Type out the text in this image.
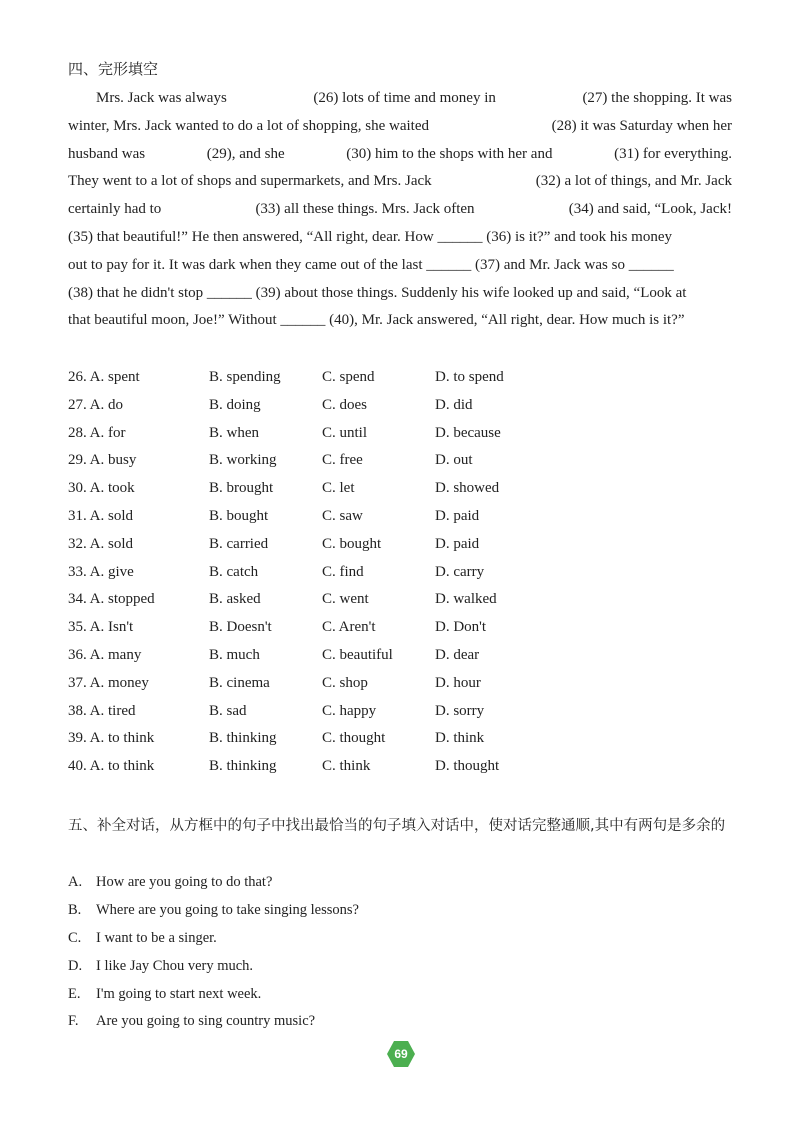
四、完形填空
Mrs. Jack was always	(26) lots of time and money in	(27) the shopping. It was
winter, Mrs. Jack wanted to do a lot of shopping, she waited	(28) it was Saturday when her
husband was	(29), and she	(30) him to the shops with her and	(31) for everything.
They went to a lot of shops and supermarkets, and Mrs. Jack	(32) a lot of things, and Mr. Jack
certainly had to	(33) all these things. Mrs. Jack often	(34) and said, “Look, Jack!
(35) that beautiful!” He then answered, “All right, dear. How ______ (36) is it?” and took his money
out to pay for it. It was dark when they came out of the last ______ (37) and Mr. Jack was so ______
(38) that he didn't stop ______ (39) about those things. Suddenly his wife looked up and said, “Look at
that beautiful moon, Joe!” Without ______ (40), Mr. Jack answered, “All right, dear. How much is it?”
26. A. spent	B. spending	C. spend	D. to spend
27. A. do	B. doing	C. does	D. did
28. A. for	B. when	C. until	D. because
29. A. busy	B. working	C. free	D. out
30. A. took	B. brought	C. let	D. showed
31. A. sold	B. bought	C. saw	D. paid
32. A. sold	B. carried	C. bought	D. paid
33. A. give	B. catch	C. find	D. carry
34. A. stopped	B. asked	C. went	D. walked
35. A. Isn't	B. Doesn't	C. Aren't	D. Don't
36. A. many	B. much	C. beautiful	D. dear
37. A. money	B. cinema	C. shop	D. hour
38. A. tired	B. sad	C. happy	D. sorry
39. A. to think	B. thinking	C. thought	D. think
40. A. to think	B. thinking	C. think	D. thought
五、补全对话，从方框中的句子中找出最恰当的句子填入对话中，使对话完整通顺,其中有两句是多余的
A. How are you going to do that?
B. Where are you going to take singing lessons?
C. I want to be a singer.
D. I like Jay Chou very much.
E. I'm going to start next week.
F. Are you going to sing country music?
69
